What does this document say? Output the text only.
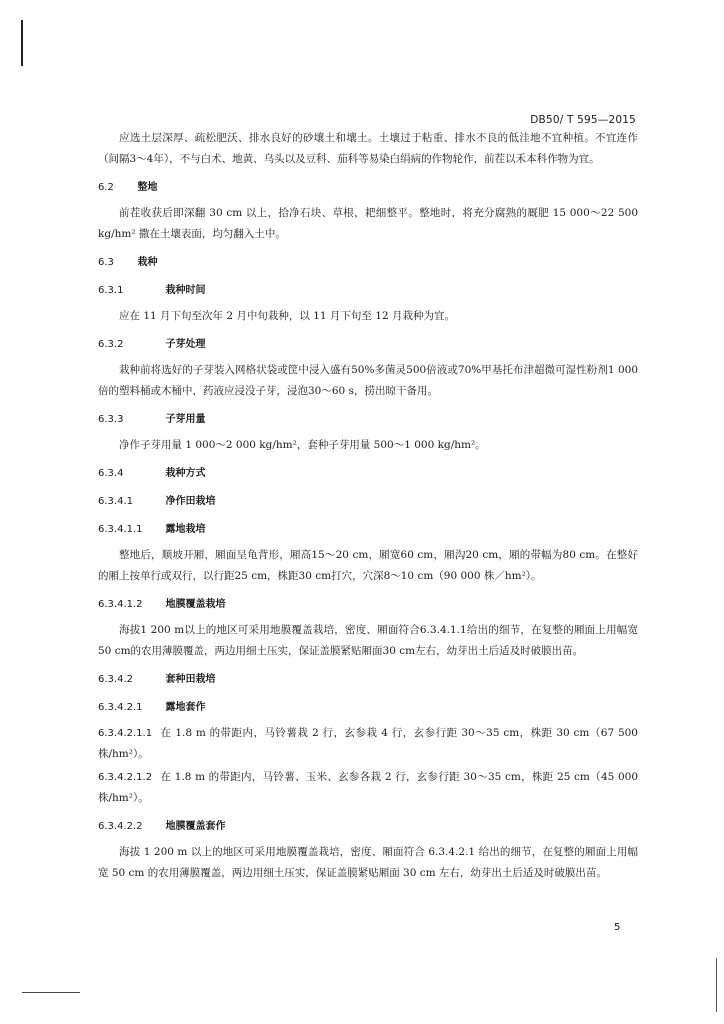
DB50/ T 595—2015

应选土层深厚、疏松肥沃、排水良好的砂壤土和壤土。土壤过于粘重、排水不良的低洼地不宜种植。不宜连作（间隔3～4年），不与白术、地黄、乌头以及豆科、茄科等易染白绢病的作物轮作，前茬以禾本科作物为宜。

6.2 整地

前茬收获后即深翻 30 cm 以上，拾净石块、草根，耙细整平。整地时，将充分腐熟的厩肥 15 000～22 500 kg/hm² 撒在土壤表面，均匀翻入土中。

6.3 栽种
6.3.1	栽种时间

应在 11 月下旬至次年 2 月中旬栽种，以 11 月下旬至 12 月栽种为宜。

6.3.2	子芽处理

栽种前将选好的子芽装入网格状袋或筐中浸入盛有50%多菌灵500倍液或70%甲基托布津超微可湿性粉剂1 000倍的塑料桶或木桶中，药液应浸没子芽，浸泡30～60 s，捞出晾干备用。

6.3.3	子芽用量

净作子芽用量 1 000～2 000 kg/hm²，套种子芽用量 500～1 000 kg/hm²。

6.3.4	栽种方式
6.3.4.1	净作田栽培
6.3.4.1.1 露地栽培

整地后，顺坡开厢，厢面呈龟背形，厢高15～20 cm，厢宽60 cm，厢沟20 cm，厢的带幅为80 cm。在整好的厢上按单行或双行，以行距25 cm，株距30 cm打穴，穴深8～10 cm（90 000 株／hm²）。

6.3.4.1.2 地膜覆盖栽培

海拔1 200 m以上的地区可采用地膜覆盖栽培，密度、厢面符合6.3.4.1.1给出的细节，在复整的厢面上用幅宽50 cm的农用薄膜覆盖，两边用细土压实，保证盖膜紧贴厢面30 cm左右，幼芽出土后适及时破膜出苗。

6.3.4.2	套种田栽培
6.3.4.2.1 露地套作

6.3.4.2.1.1 在 1.8 m 的带距内，马铃薯栽 2 行，玄参栽 4 行，玄参行距 30～35 cm，株距 30 cm（67 500 株/hm²）。

6.3.4.2.1.2 在 1.8 m 的带距内，马铃薯、玉米、玄参各栽 2 行，玄参行距 30～35 cm，株距 25 cm（45 000 株/hm²）。

6.3.4.2.2 地膜覆盖套作

海拔 1 200 m 以上的地区可采用地膜覆盖栽培，密度、厢面符合 6.3.4.2.1 给出的细节，在复整的厢面上用幅宽 50 cm 的农用薄膜覆盖，两边用细土压实，保证盖膜紧贴厢面 30 cm 左右，幼芽出土后适及时破膜出苗。

5
